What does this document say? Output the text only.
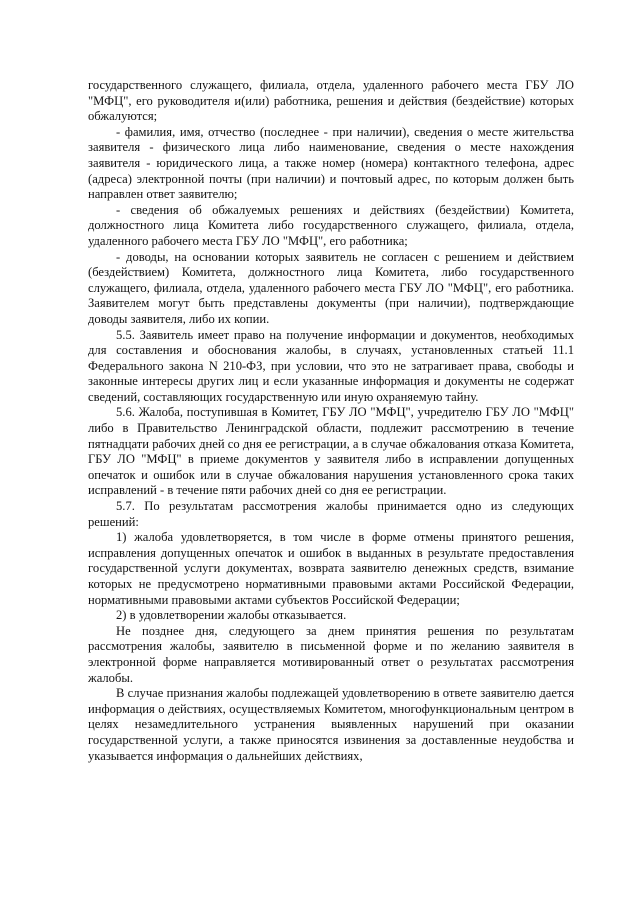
государственного служащего, филиала, отдела, удаленного рабочего места ГБУ ЛО "МФЦ", его руководителя и(или) работника, решения и действия (бездействие) которых обжалуются;

- фамилия, имя, отчество (последнее - при наличии), сведения о месте жительства заявителя - физического лица либо наименование, сведения о месте нахождения заявителя - юридического лица, а также номер (номера) контактного телефона, адрес (адреса) электронной почты (при наличии) и почтовый адрес, по которым должен быть направлен ответ заявителю;

- сведения об обжалуемых решениях и действиях (бездействии) Комитета, должностного лица Комитета либо государственного служащего, филиала, отдела, удаленного рабочего места ГБУ ЛО "МФЦ", его работника;

- доводы, на основании которых заявитель не согласен с решением и действием (бездействием) Комитета, должностного лица Комитета, либо государственного служащего, филиала, отдела, удаленного рабочего места ГБУ ЛО "МФЦ", его работника. Заявителем могут быть представлены документы (при наличии), подтверждающие доводы заявителя, либо их копии.

5.5. Заявитель имеет право на получение информации и документов, необходимых для составления и обоснования жалобы, в случаях, установленных статьей 11.1 Федерального закона N 210-ФЗ, при условии, что это не затрагивает права, свободы и законные интересы других лиц и если указанные информация и документы не содержат сведений, составляющих государственную или иную охраняемую тайну.

5.6. Жалоба, поступившая в Комитет, ГБУ ЛО "МФЦ", учредителю ГБУ ЛО "МФЦ" либо в Правительство Ленинградской области, подлежит рассмотрению в течение пятнадцати рабочих дней со дня ее регистрации, а в случае обжалования отказа Комитета, ГБУ ЛО "МФЦ" в приеме документов у заявителя либо в исправлении допущенных опечаток и ошибок или в случае обжалования нарушения установленного срока таких исправлений - в течение пяти рабочих дней со дня ее регистрации.

5.7. По результатам рассмотрения жалобы принимается одно из следующих решений:

1) жалоба удовлетворяется, в том числе в форме отмены принятого решения, исправления допущенных опечаток и ошибок в выданных в результате предоставления государственной услуги документах, возврата заявителю денежных средств, взимание которых не предусмотрено нормативными правовыми актами Российской Федерации, нормативными правовыми актами субъектов Российской Федерации;

2) в удовлетворении жалобы отказывается.

Не позднее дня, следующего за днем принятия решения по результатам рассмотрения жалобы, заявителю в письменной форме и по желанию заявителя в электронной форме направляется мотивированный ответ о результатах рассмотрения жалобы.

В случае признания жалобы подлежащей удовлетворению в ответе заявителю дается информация о действиях, осуществляемых Комитетом, многофункциональным центром в целях незамедлительного устранения выявленных нарушений при оказании государственной услуги, а также приносятся извинения за доставленные неудобства и указывается информация о дальнейших действиях,
